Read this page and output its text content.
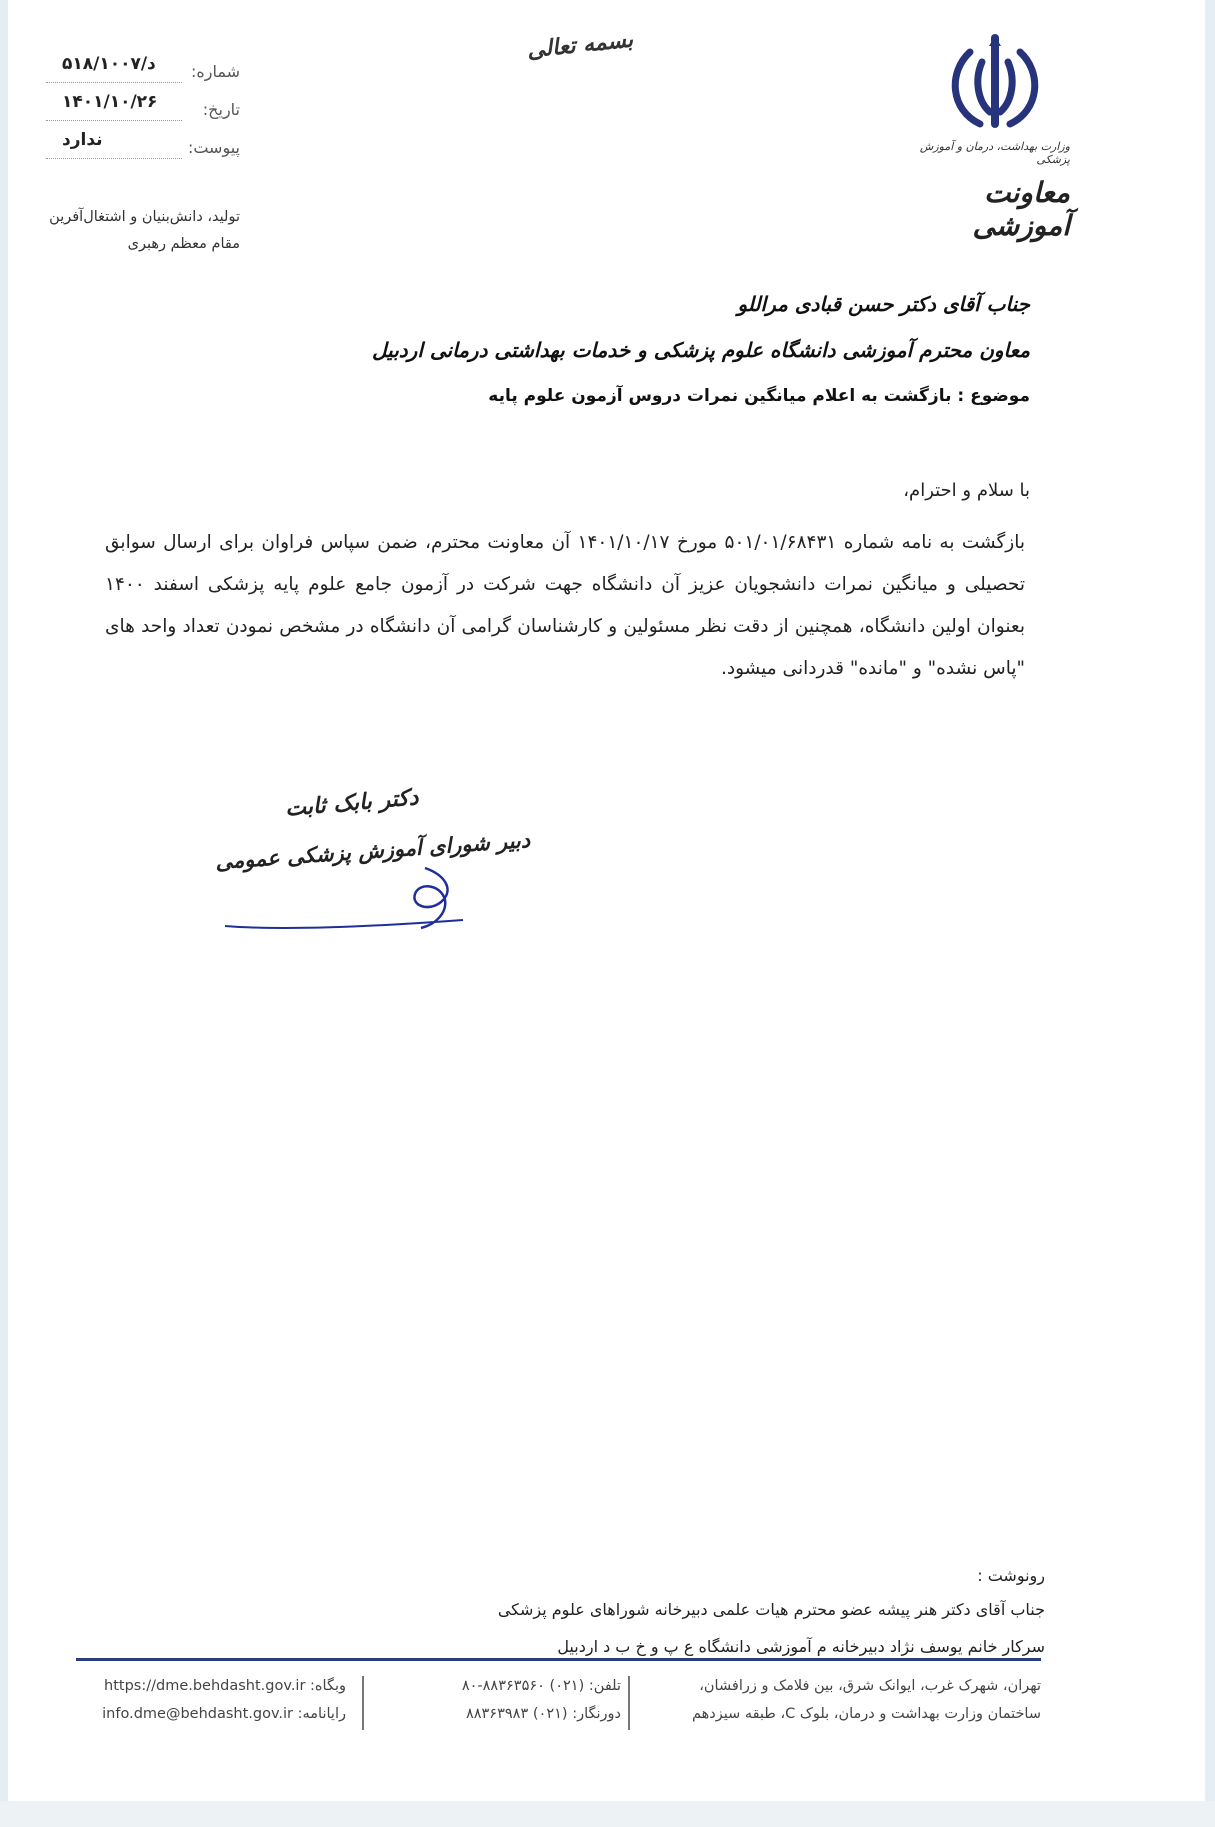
شماره:
د/۵۱۸/۱۰۰۷
تاریخ:
۱۴۰۱/۱۰/۲۶
پیوست:
ندارد
تولید، دانش‌بنیان و اشتغال‌آفرین
مقام معظم رهبری
بسمه تعالی
وزارت بهداشت، درمان و آموزش پزشکی
معاونت آموزشی
جناب آقای دکتر حسن قبادی مراللو
معاون محترم آموزشی دانشگاه علوم پزشکی و خدمات بهداشتی درمانی اردبیل
موضوع : بازگشت به اعلام میانگین نمرات دروس آزمون علوم پایه
با سلام و احترام،
بازگشت به نامه شماره ۵۰۱/۰۱/۶۸۴۳۱ مورخ ۱۴۰۱/۱۰/۱۷ آن معاونت محترم، ضمن سپاس فراوان برای ارسال سوابق تحصیلی و میانگین نمرات دانشجویان عزیز آن دانشگاه جهت شرکت در آزمون جامع علوم پایه پزشکی اسفند ۱۴۰۰ بعنوان اولین دانشگاه، همچنین از دقت نظر مسئولین و کارشناسان گرامی آن دانشگاه در مشخص نمودن تعداد واحد های "پاس نشده" و "مانده" قدردانی میشود.
دکتر بابک ثابت
دبیر شورای آموزش پزشکی عمومی
رونوشت :
جناب آقای دکتر هنر پیشه عضو محترم هیات علمی دبیرخانه شوراهای علوم پزشکی
سرکار خانم یوسف نژاد دبیرخانه م آموزشی دانشگاه ع پ و خ ب د اردبیل
تهران، شهرک غرب، ایوانک شرق، بین فلامک و زرافشان،
ساختمان وزارت بهداشت و درمان، بلوک C، طبقه سیزدهم
تلفن: (۰۲۱) ۸۸۳۶۳۵۶۰-۸۰
دورنگار: (۰۲۱) ۸۸۳۶۳۹۸۳
وبگاه: https://dme.behdasht.gov.ir
رایانامه: info.dme@behdasht.gov.ir
